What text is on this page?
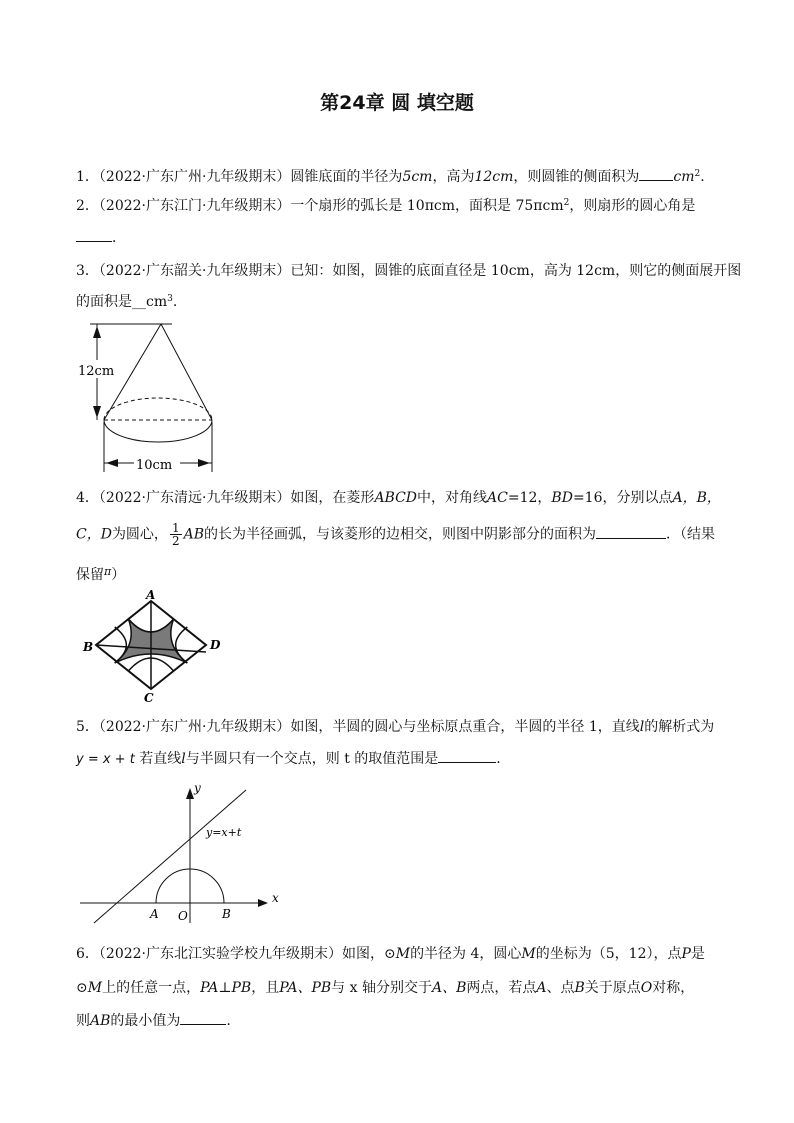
第24章 圆 填空题
1．（2022·广东广州·九年级期末）圆锥底面的半径为5cm，高为12cm，则圆锥的侧面积为 $cm^2$.
2．（2022·广东江门·九年级期末）一个扇形的弧长是 10πcm，面积是 75πcm$^2$，则扇形的圆心角是
．
3．（2022·广东韶关·九年级期末）已知：如图，圆锥的底面直径是 10cm，高为 12cm，则它的侧面展开图
的面积是$\_\_cm^3$.
12cm
10cm
4．（2022·广东清远·九年级期末）如图，在菱形ABCD中，对角线AC=12，BD=16，分别以点A，B，
C，D为圆心， $\frac{1}{2}$ AB的长为半径画弧，与该菱形的边相交，则图中阴影部分的面积为	．（结果
保留$^\pi$）
A
B
C
D
5．（2022·广东广州·九年级期末）如图，半圆的圆心与坐标原点重合，半圆的半径 1，直线l的解析式为
y = x + t 若直线l与半圆只有一个交点，则 t 的取值范围是	.
x
y
y=x+t
A O	B
6．（2022·广东北江实验学校九年级期末）如图，⊙M的半径为 4，圆心M的坐标为（5，12），点P是
⊙M上的任意一点，PA⊥PB，且PA、PB与 x 轴分别交于A、B两点，若点A、点B关于原点O对称，
则AB的最小值为	.
